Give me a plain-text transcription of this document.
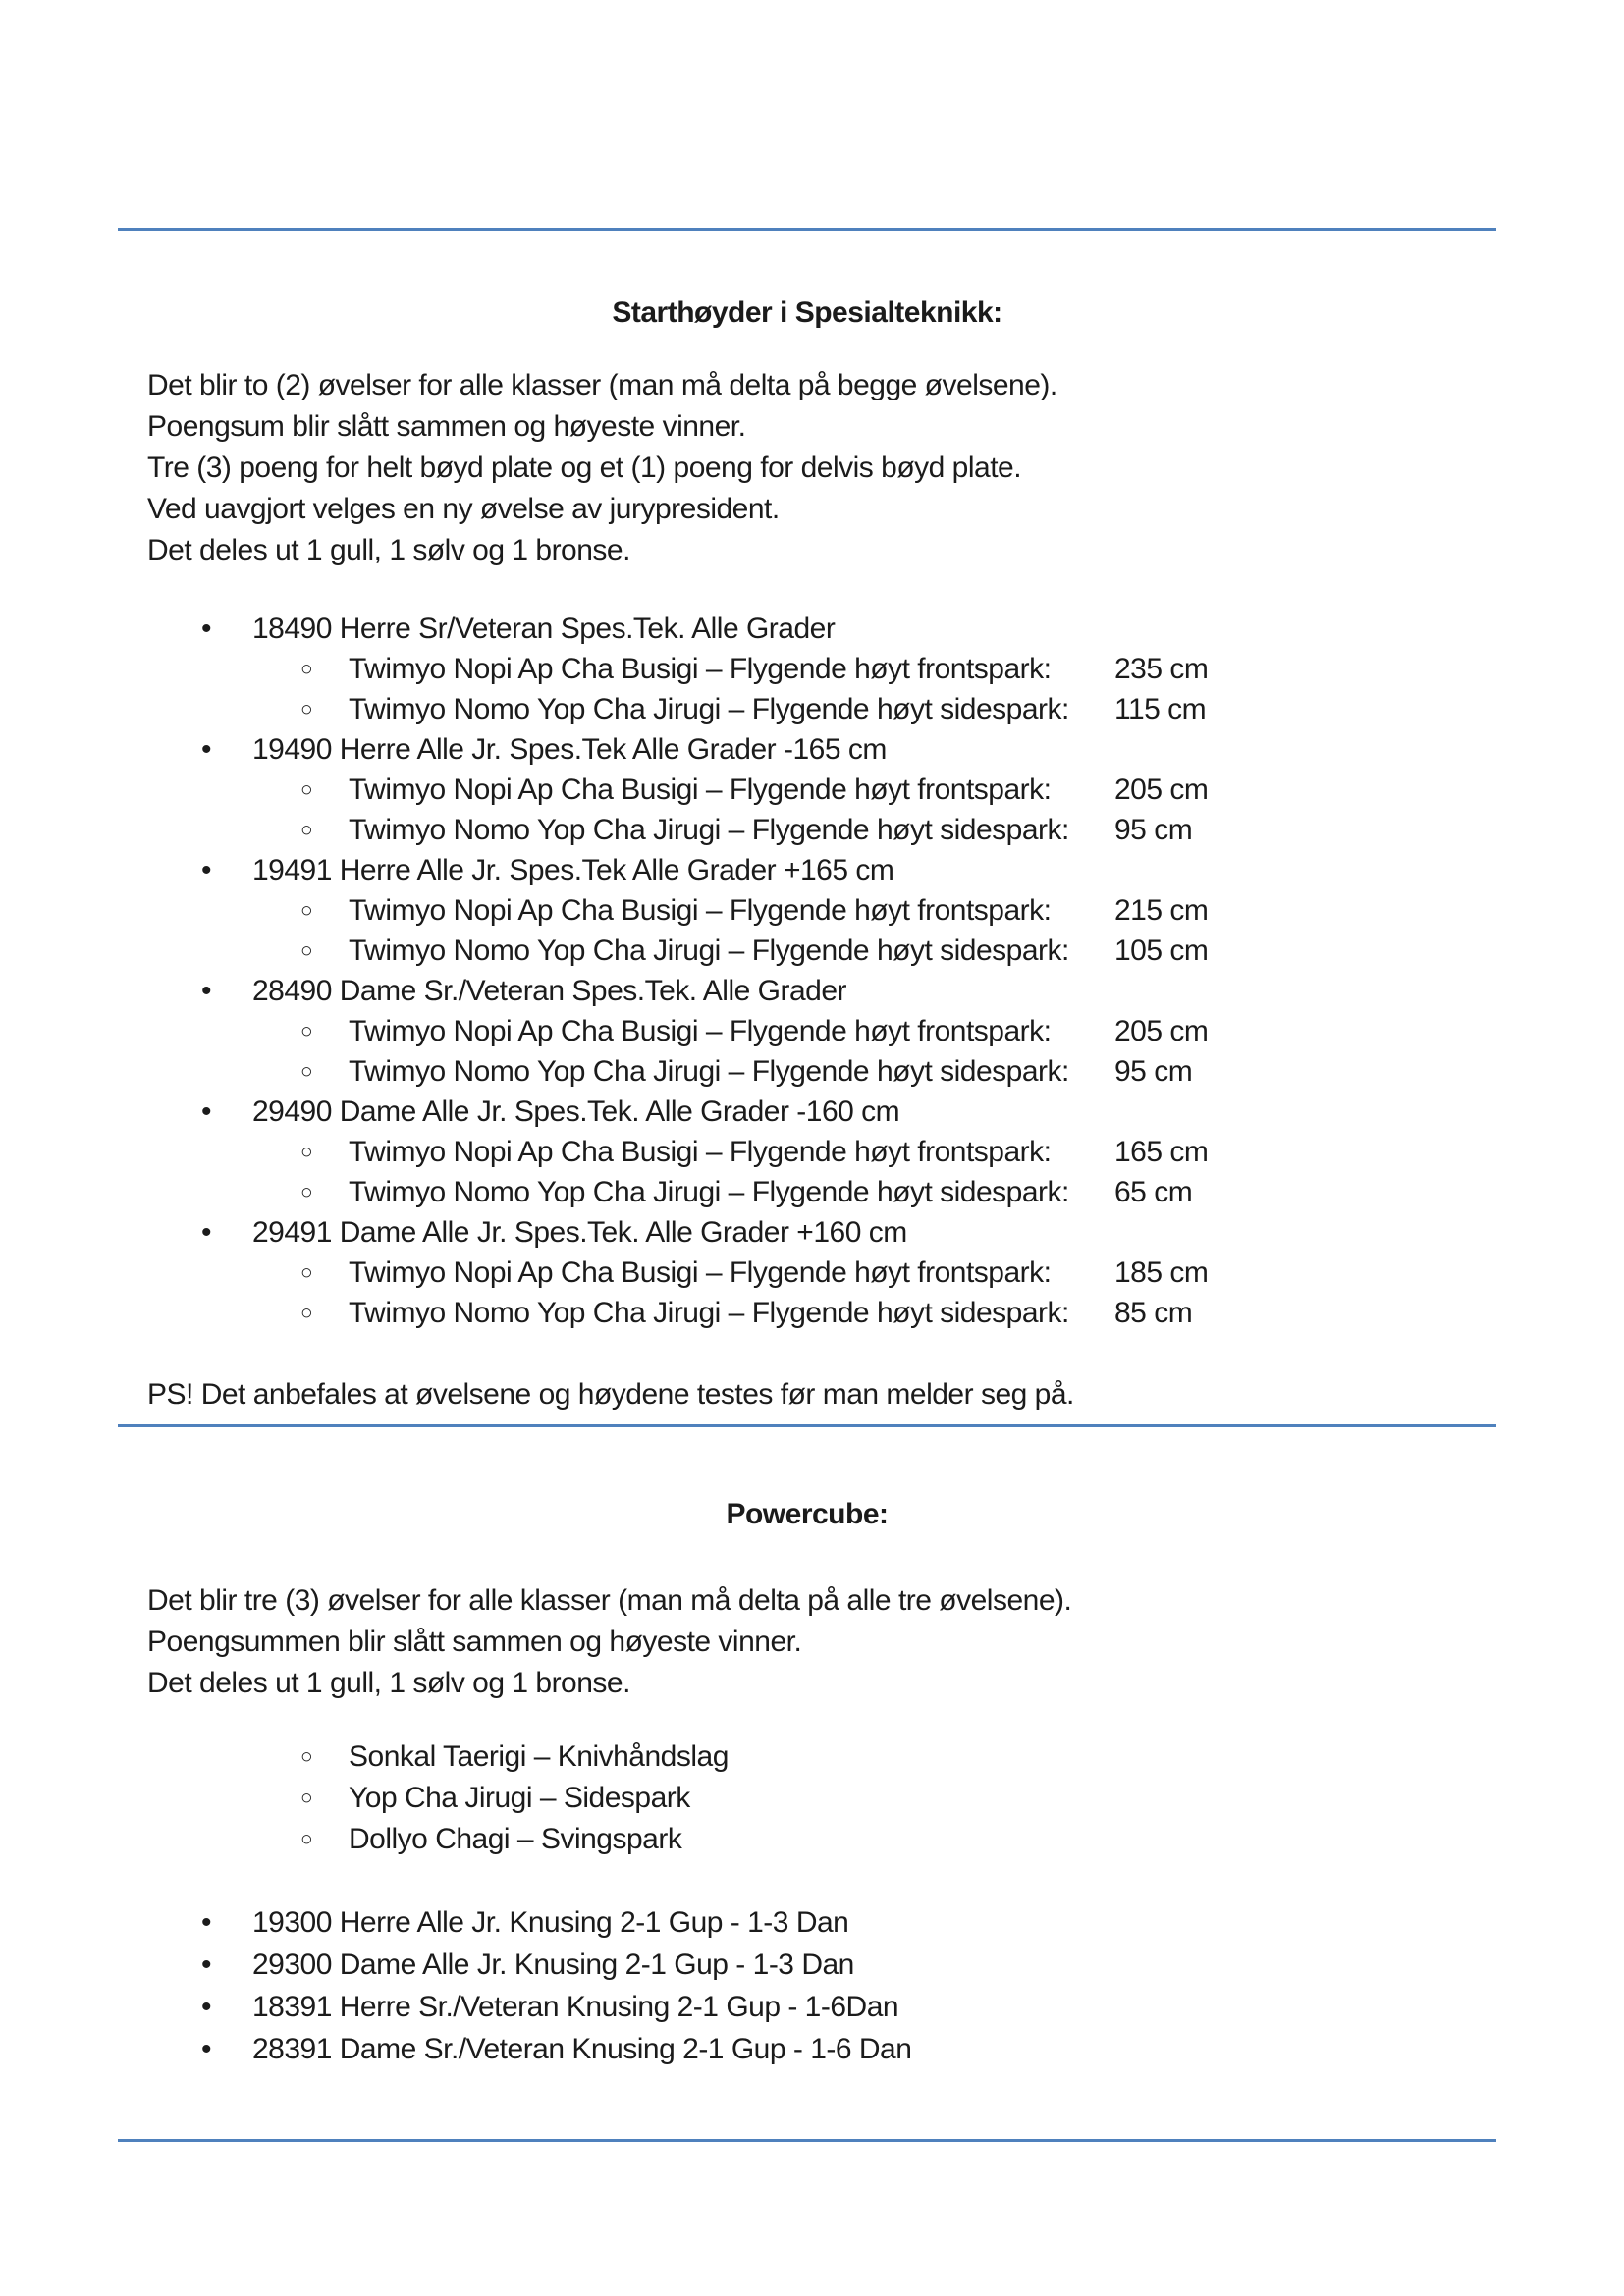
Starthøyder i Spesialteknikk:

Det blir to (2) øvelser for alle klasser (man må delta på begge øvelsene).

Poengsum blir slått sammen og høyeste vinner.

Tre (3) poeng for helt bøyd plate og et (1) poeng for delvis bøyd plate.

Ved uavgjort velges en ny øvelse av jurypresident.

Det deles ut 1 gull, 1 sølv og 1 bronse.

• 18490 Herre Sr/Veteran Spes.Tek. Alle Grader
○ Twimyo Nopi Ap Cha Busigi – Flygende høyt frontspark: 235 cm
○ Twimyo Nomo Yop Cha Jirugi – Flygende høyt sidespark: 115 cm
• 19490 Herre Alle Jr. Spes.Tek Alle Grader -165 cm
○ Twimyo Nopi Ap Cha Busigi – Flygende høyt frontspark: 205 cm
○ Twimyo Nomo Yop Cha Jirugi – Flygende høyt sidespark: 95 cm
• 19491 Herre Alle Jr. Spes.Tek Alle Grader +165 cm
○ Twimyo Nopi Ap Cha Busigi – Flygende høyt frontspark: 215 cm
○ Twimyo Nomo Yop Cha Jirugi – Flygende høyt sidespark: 105 cm
• 28490 Dame Sr./Veteran Spes.Tek. Alle Grader
○ Twimyo Nopi Ap Cha Busigi – Flygende høyt frontspark: 205 cm
○ Twimyo Nomo Yop Cha Jirugi – Flygende høyt sidespark: 95 cm
• 29490 Dame Alle Jr. Spes.Tek. Alle Grader -160 cm
○ Twimyo Nopi Ap Cha Busigi – Flygende høyt frontspark: 165 cm
○ Twimyo Nomo Yop Cha Jirugi – Flygende høyt sidespark: 65 cm
• 29491 Dame Alle Jr. Spes.Tek. Alle Grader +160 cm
○ Twimyo Nopi Ap Cha Busigi – Flygende høyt frontspark: 185 cm
○ Twimyo Nomo Yop Cha Jirugi – Flygende høyt sidespark: 85 cm

PS! Det anbefales at øvelsene og høydene testes før man melder seg på.

Powercube:

Det blir tre (3) øvelser for alle klasser (man må delta på alle tre øvelsene).

Poengsummen blir slått sammen og høyeste vinner.

Det deles ut 1 gull, 1 sølv og 1 bronse.

○ Sonkal Taerigi – Knivhåndslag
○ Yop Cha Jirugi – Sidespark
○ Dollyo Chagi – Svingspark
• 19300 Herre Alle Jr. Knusing 2-1 Gup - 1-3 Dan
• 29300 Dame Alle Jr. Knusing 2-1 Gup - 1-3 Dan
• 18391 Herre Sr./Veteran Knusing 2-1 Gup - 1-6Dan
• 28391 Dame Sr./Veteran Knusing 2-1 Gup - 1-6 Dan
